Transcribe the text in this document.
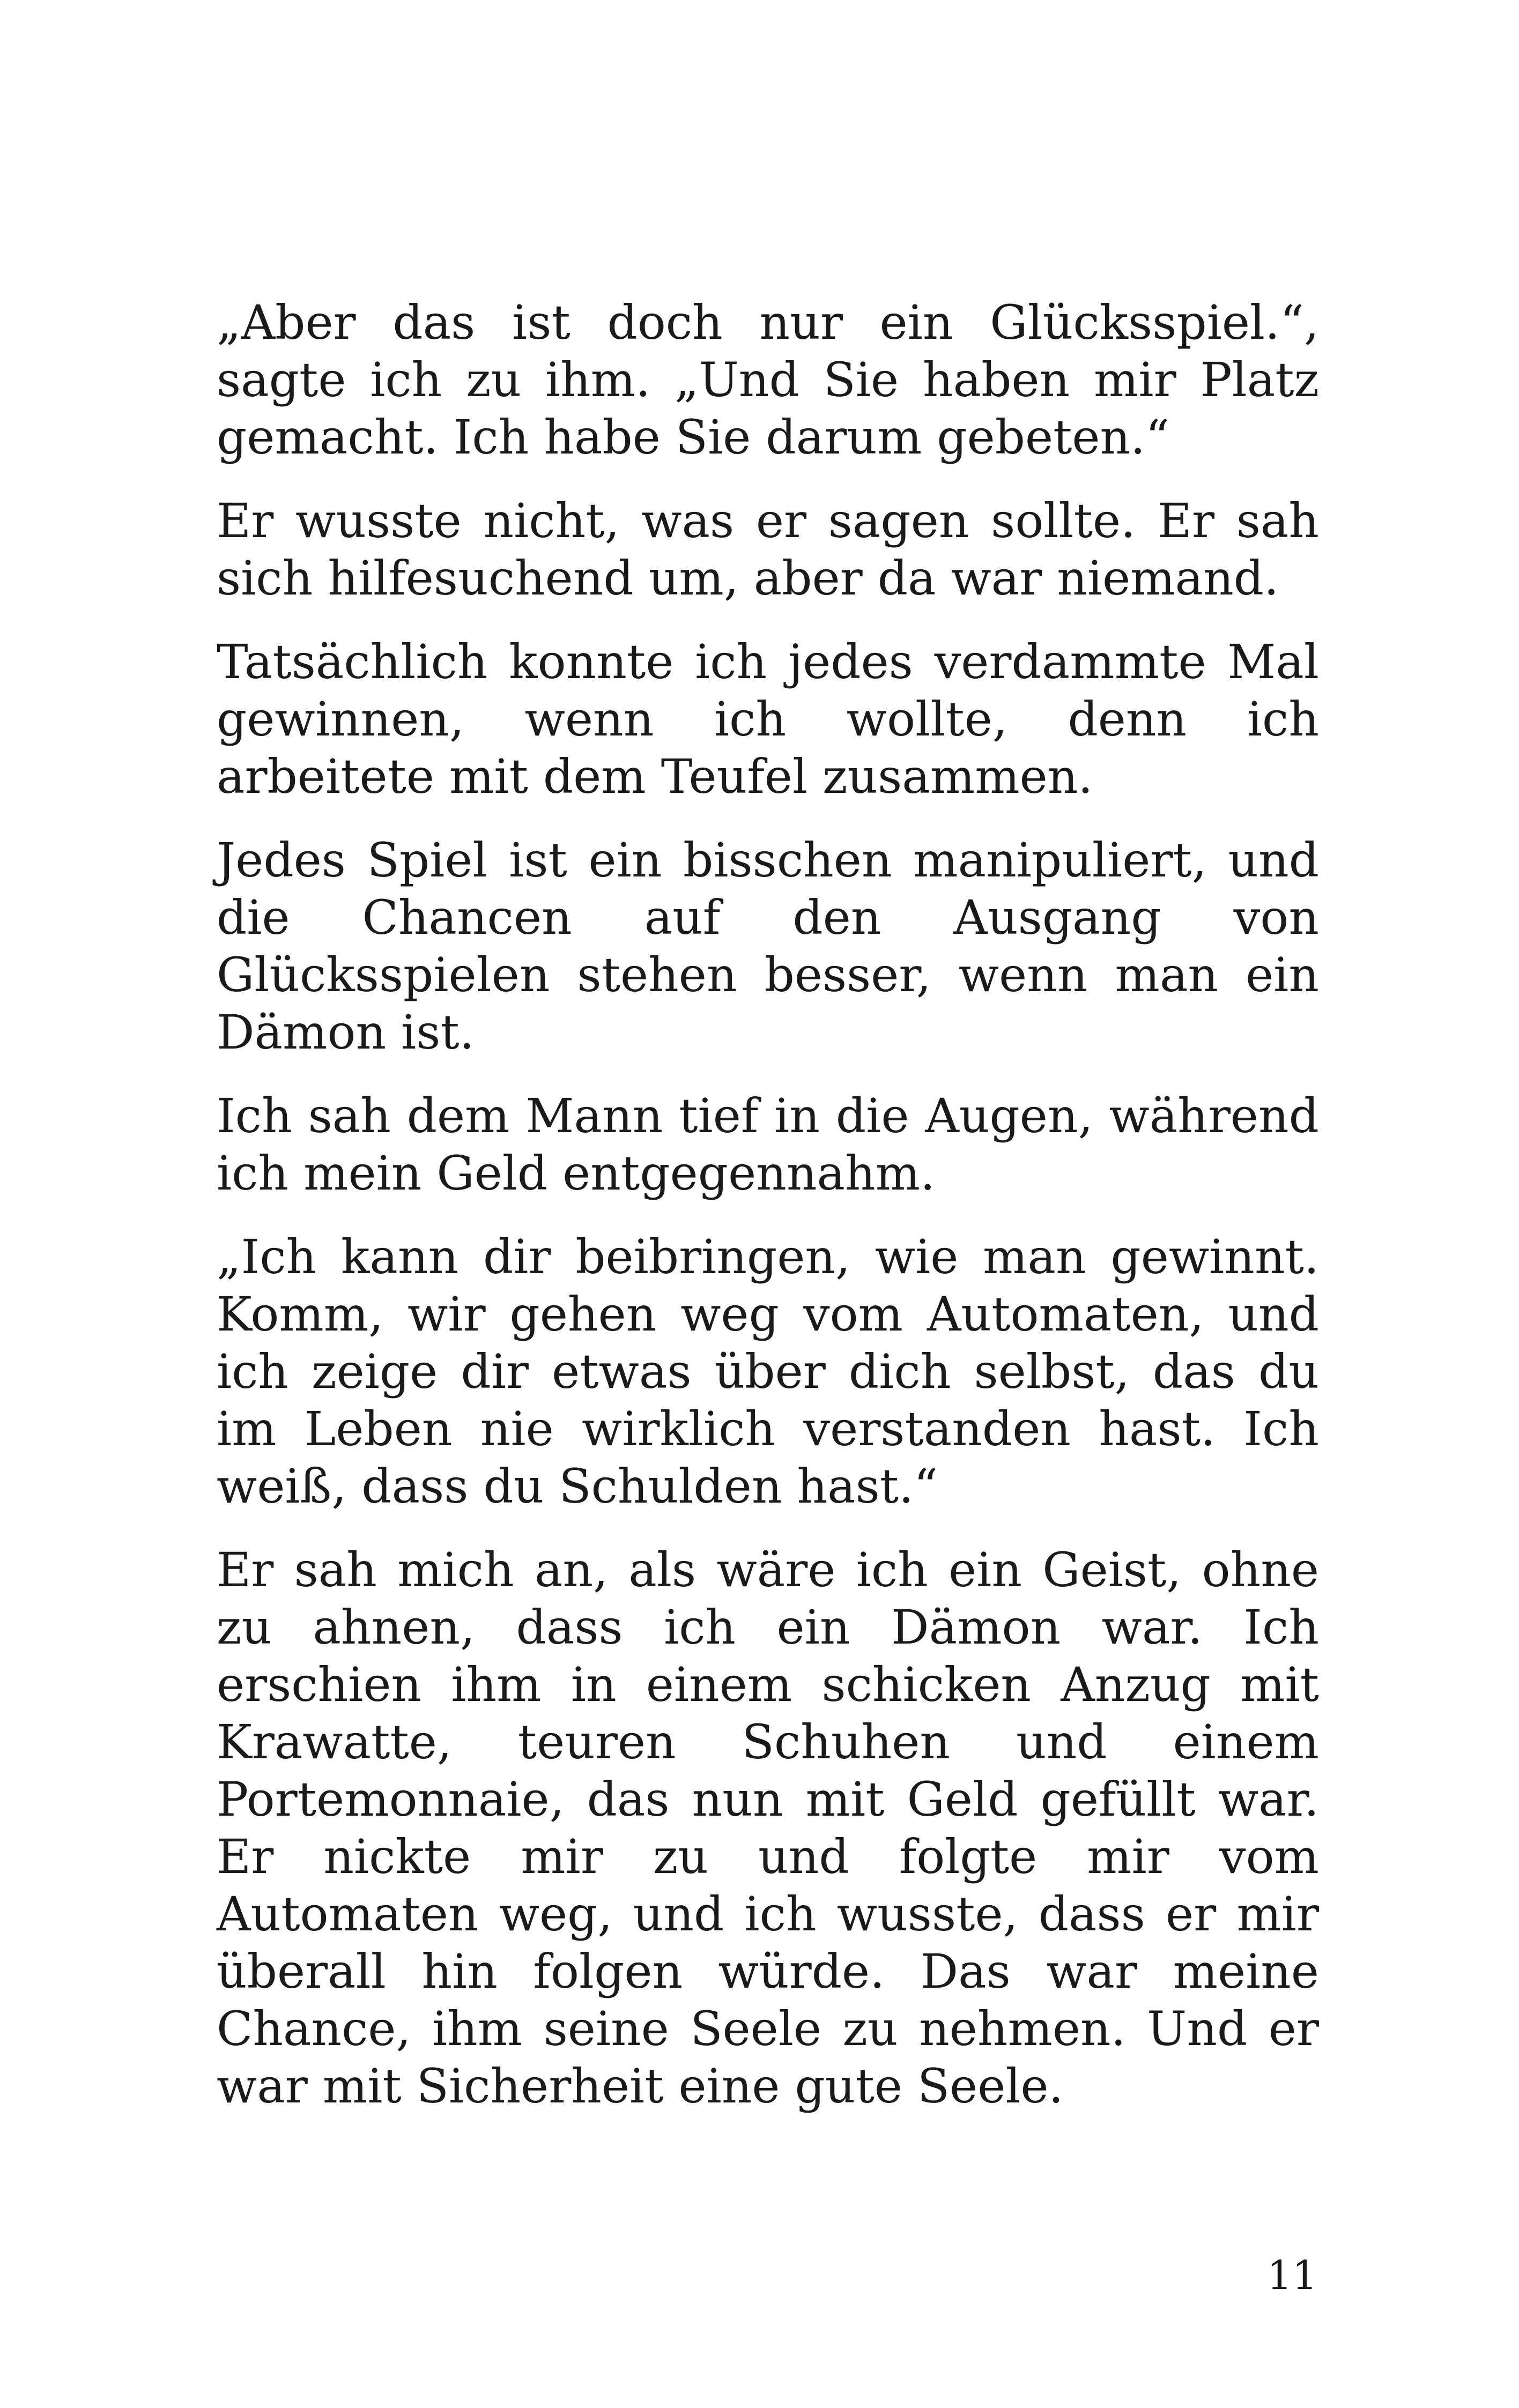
„Aber das ist doch nur ein Glücksspiel.“, sagte ich zu ihm. „Und Sie haben mir Platz gemacht. Ich habe Sie darum gebeten.“

Er wusste nicht, was er sagen sollte. Er sah sich hilfesuchend um, aber da war niemand.

Tatsächlich konnte ich jedes verdammte Mal gewinnen, wenn ich wollte, denn ich arbeitete mit dem Teufel zusammen.

Jedes Spiel ist ein bisschen manipuliert, und die Chancen auf den Ausgang von Glücksspielen stehen besser, wenn man ein Dämon ist.

Ich sah dem Mann tief in die Augen, während ich mein Geld entgegennahm.

„Ich kann dir beibringen, wie man gewinnt. Komm, wir gehen weg vom Automaten, und ich zeige dir etwas über dich selbst, das du im Leben nie wirklich verstanden hast. Ich weiß, dass du Schulden hast.“

Er sah mich an, als wäre ich ein Geist, ohne zu ahnen, dass ich ein Dämon war. Ich erschien ihm in einem schicken Anzug mit Krawatte, teuren Schuhen und einem Portemonnaie, das nun mit Geld gefüllt war. Er nickte mir zu und folgte mir vom Automaten weg, und ich wusste, dass er mir überall hin folgen würde. Das war meine Chance, ihm seine Seele zu nehmen. Und er war mit Sicherheit eine gute Seele.

11
